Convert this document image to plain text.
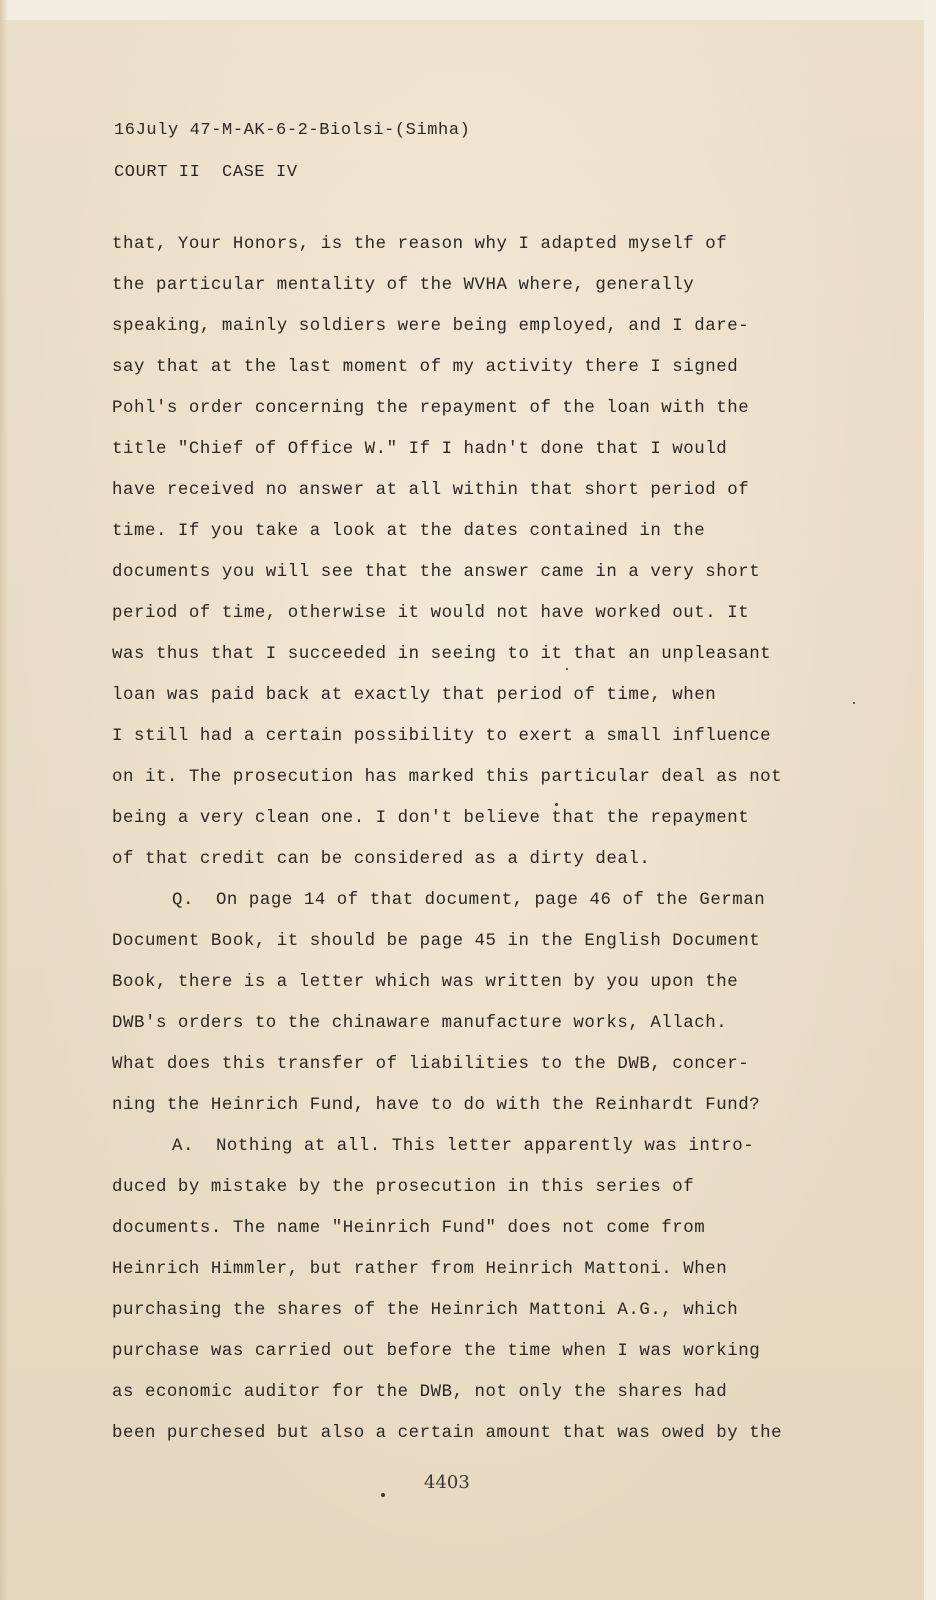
16July 47-M-AK-6-2-Biolsi-(Simha)
COURT II  CASE IV
that, Your Honors, is the reason why I adapted myself of
the particular mentality of the WVHA where, generally
speaking, mainly soldiers were being employed, and I dare-
say that at the last moment of my activity there I signed
Pohl's order concerning the repayment of the loan with the
title "Chief of Office W." If I hadn't done that I would
have received no answer at all within that short period of
time. If you take a look at the dates contained in the
documents you will see that the answer came in a very short
period of time, otherwise it would not have worked out. It
was thus that I succeeded in seeing to it that an unpleasant
loan was paid back at exactly that period of time, when
I still had a certain possibility to exert a small influence
on it. The prosecution has marked this particular deal as not
being a very clean one. I don't believe that the repayment
of that credit can be considered as a dirty deal.
Q.  On page 14 of that document, page 46 of the German
Document Book, it should be page 45 in the English Document
Book, there is a letter which was written by you upon the
DWB's orders to the chinaware manufacture works, Allach.
What does this transfer of liabilities to the DWB, concer-
ning the Heinrich Fund, have to do with the Reinhardt Fund?
A.  Nothing at all. This letter apparently was intro-
duced by mistake by the prosecution in this series of
documents. The name "Heinrich Fund" does not come from
Heinrich Himmler, but rather from Heinrich Mattoni. When
purchasing the shares of the Heinrich Mattoni A.G., which
purchase was carried out before the time when I was working
as economic auditor for the DWB, not only the shares had
been purchesed but also a certain amount that was owed by the
4403
